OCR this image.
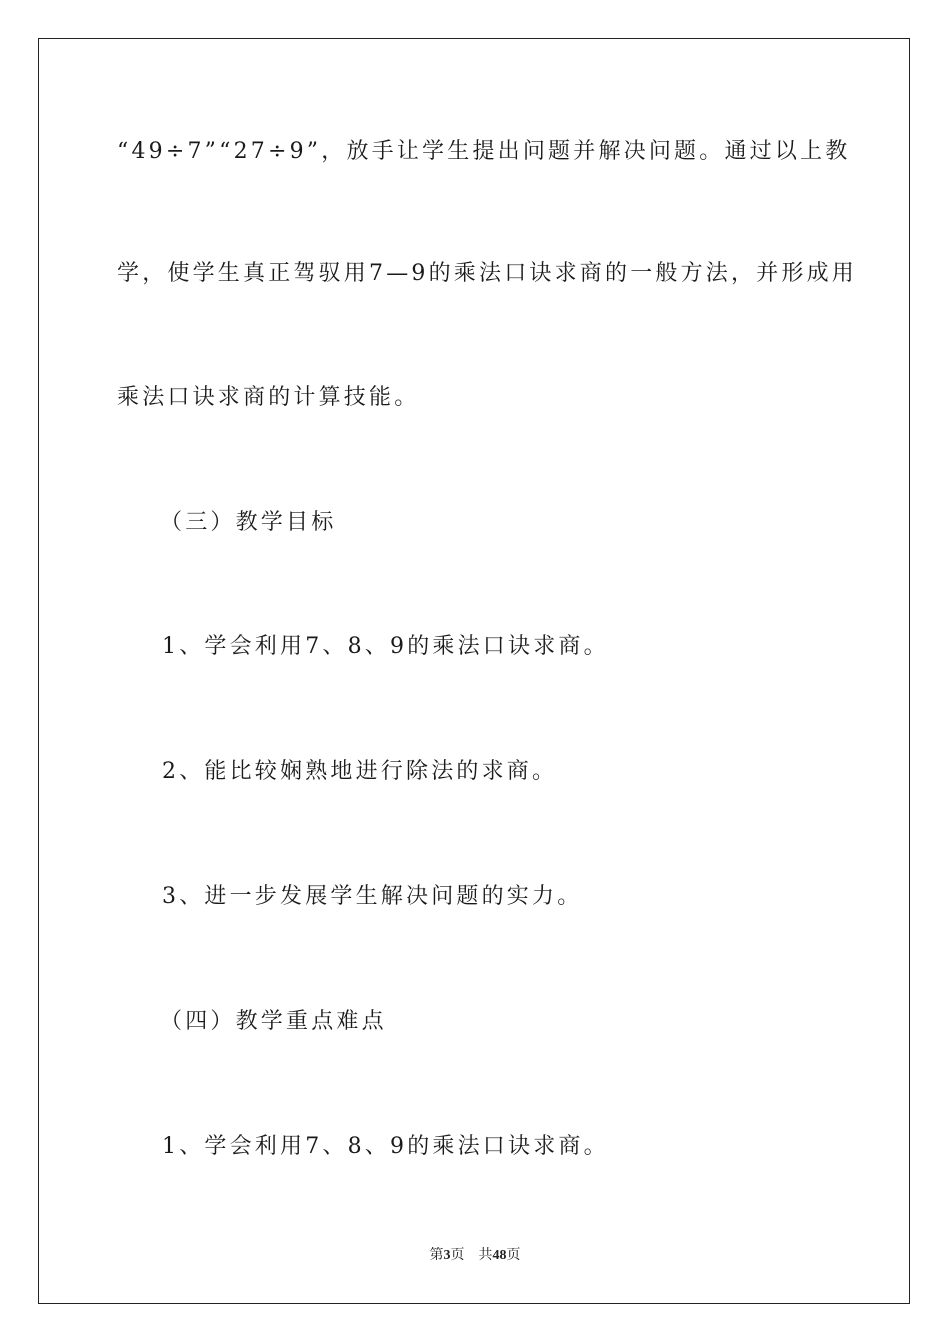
“49÷7”“27÷9”，放手让学生提出问题并解决问题。通过以上教
学，使学生真正驾驭用7—9的乘法口诀求商的一般方法，并形成用
乘法口诀求商的计算技能。
（三）教学目标
1、学会利用7、8、9的乘法口诀求商。
2、能比较娴熟地进行除法的求商。
3、进一步发展学生解决问题的实力。
（四）教学重点难点
1、学会利用7、8、9的乘法口诀求商。
第3页 共48页
